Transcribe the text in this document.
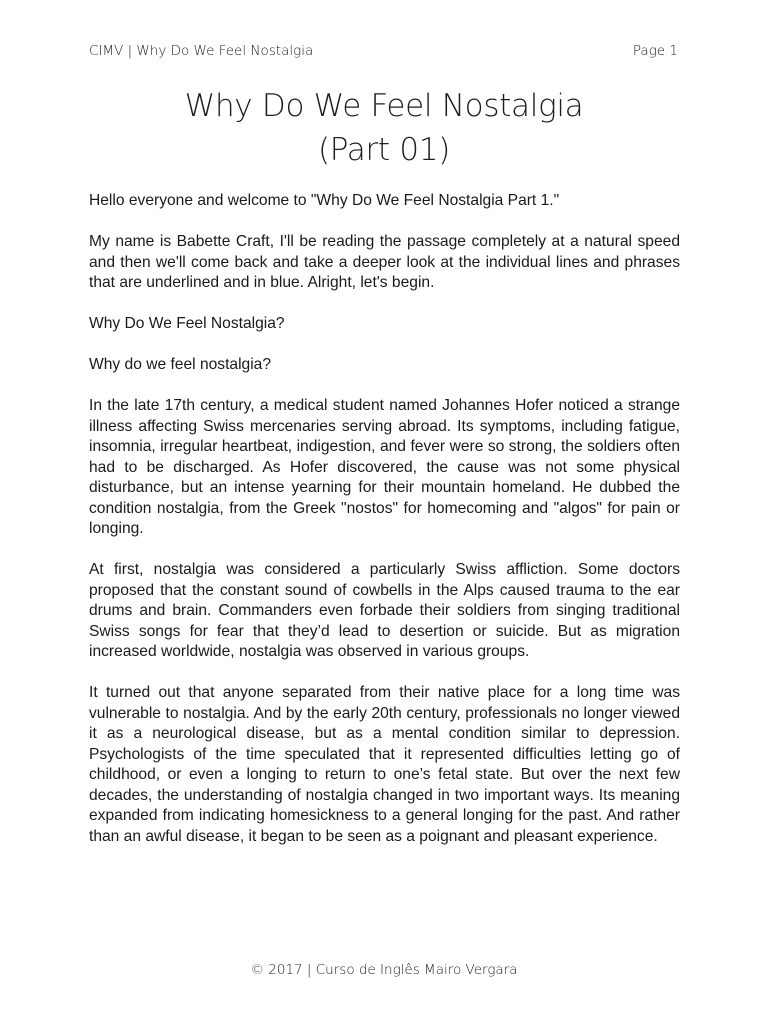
CIMV | Why Do We Feel Nostalgia	Page 1
Why Do We Feel Nostalgia
(Part 01)

Hello everyone and welcome to "Why Do We Feel Nostalgia Part 1."

My name is Babette Craft, I'll be reading the passage completely at a natural speed and then we'll come back and take a deeper look at the individual lines and phrases that are underlined and in blue. Alright, let's begin.

Why Do We Feel Nostalgia?

Why do we feel nostalgia?

In the late 17th century, a medical student named Johannes Hofer noticed a strange illness affecting Swiss mercenaries serving abroad. Its symptoms, including fatigue, insomnia, irregular heartbeat, indigestion, and fever were so strong, the soldiers often had to be discharged. As Hofer discovered, the cause was not some physical disturbance, but an intense yearning for their mountain homeland. He dubbed the condition nostalgia, from the Greek "nostos" for homecoming and "algos" for pain or longing.

At first, nostalgia was considered a particularly Swiss affliction. Some doctors proposed that the constant sound of cowbells in the Alps caused trauma to the ear drums and brain. Commanders even forbade their soldiers from singing traditional Swiss songs for fear that they’d lead to desertion or suicide. But as migration increased worldwide, nostalgia was observed in various groups.

It turned out that anyone separated from their native place for a long time was vulnerable to nostalgia. And by the early 20th century, professionals no longer viewed it as a neurological disease, but as a mental condition similar to depression. Psychologists of the time speculated that it represented difficulties letting go of childhood, or even a longing to return to one’s fetal state. But over the next few decades, the understanding of nostalgia changed in two important ways. Its meaning expanded from indicating homesickness to a general longing for the past. And rather than an awful disease, it began to be seen as a poignant and pleasant experience.

© 2017 | Curso de Inglês Mairo Vergara
